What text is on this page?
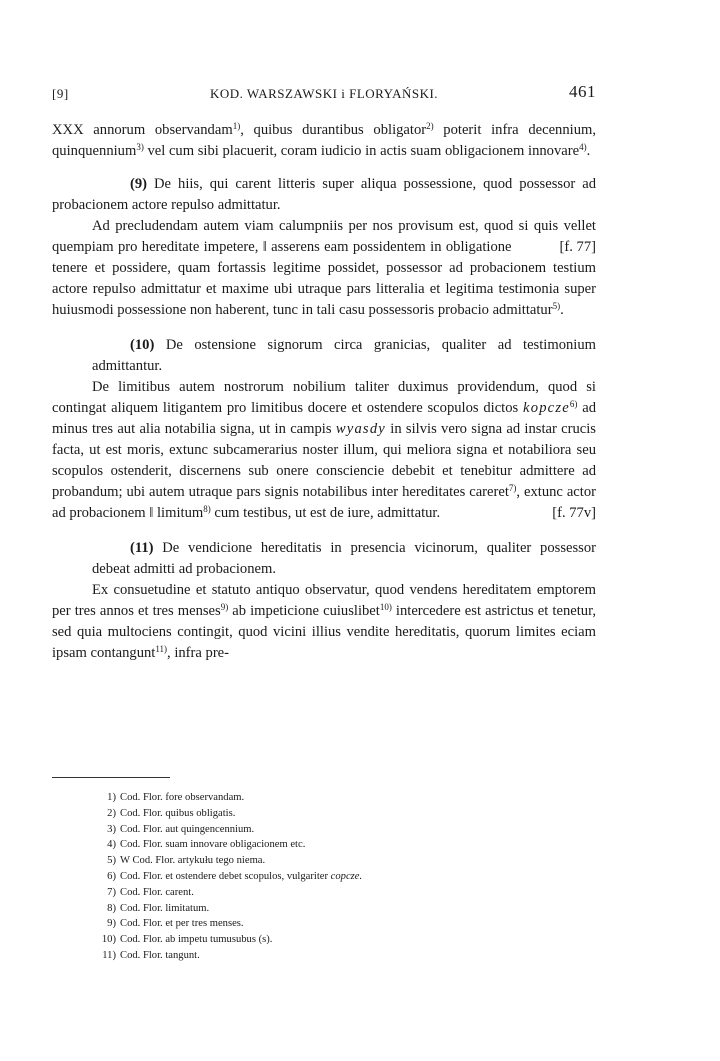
[9]	KOD. WARSZAWSKI i FLORYAŃSKI.	461

XXX annorum observandam$^{1)}$, quibus durantibus obligator$^{2)}$ poterit infra decennium, quinquennium$^{3)}$ vel cum sibi placuerit, coram iudicio in actis suam obligacionem innovare$^{4)}$.

(9) De hiis, qui carent litteris super aliqua possessione, quod possessor ad probacionem actore repulso admittatur.

Ad precludendam autem viam calumpniis per nos provisum est, quod si quis vellet quempiam pro hereditate impetere, ‖ asserens eam	[f. 77]
possidentem in obligatione tenere et possidere, quam fortassis legitime possidet, possessor ad probacionem testium actore repulso admittatur et maxime ubi utraque pars litteralia et legitima testimonia super huiusmodi possessione non haberent, tunc in tali casu possessoris probacio admittatur$^{5)}$.

(10) De ostensione signorum circa granicias, qualiter ad testimonium admittantur.

De limitibus autem nostrorum nobilium taliter duximus providendum, quod si contingat aliquem litigantem pro limitibus docere et ostendere scopulos dictos kopcze$^{6)}$ ad minus tres aut alia notabilia signa, ut in campis wyasdy in silvis vero signa ad instar crucis facta, ut est moris, extunc subcamerarius noster illum, qui meliora signa et notabiliora seu scopulos ostenderit, discernens sub onere consciencie debebit et tenebitur admittere ad probandum; ubi autem utraque pars signis notabilibus inter hereditates careret$^{7)}$, extunc actor ad probacionem ‖ limitum$^{8)}$ cum testibus,	[f. 77v]
ut est de iure, admittatur.

(11) De vendicione hereditatis in presencia vicinorum, qualiter possessor debeat admitti ad probacionem.

Ex consuetudine et statuto antiquo observatur, quod vendens hereditatem emptorem per tres annos et tres menses$^{9)}$ ab impeticione cuiuslibet$^{10)}$ intercedere est astrictus et tenetur, sed quia multociens contingit, quod vicini illius vendite hereditatis, quorum limites eciam ipsam contangunt$^{11)}$, infra pre-

1) Cod. Flor. fore observandam.
2) Cod. Flor. quibus obligatis.
3) Cod. Flor. aut quingencennium.
4) Cod. Flor. suam innovare obligacionem etc.
5) W Cod. Flor. artykułu tego niema.
6) Cod. Flor. et ostendere debet scopulos, vulgariter copcze.
7) Cod. Flor. carent.
8) Cod. Flor. limitatum.
9) Cod. Flor. et per tres menses.
10) Cod. Flor. ab impetu tumusubus (s).
11) Cod. Flor. tangunt.
